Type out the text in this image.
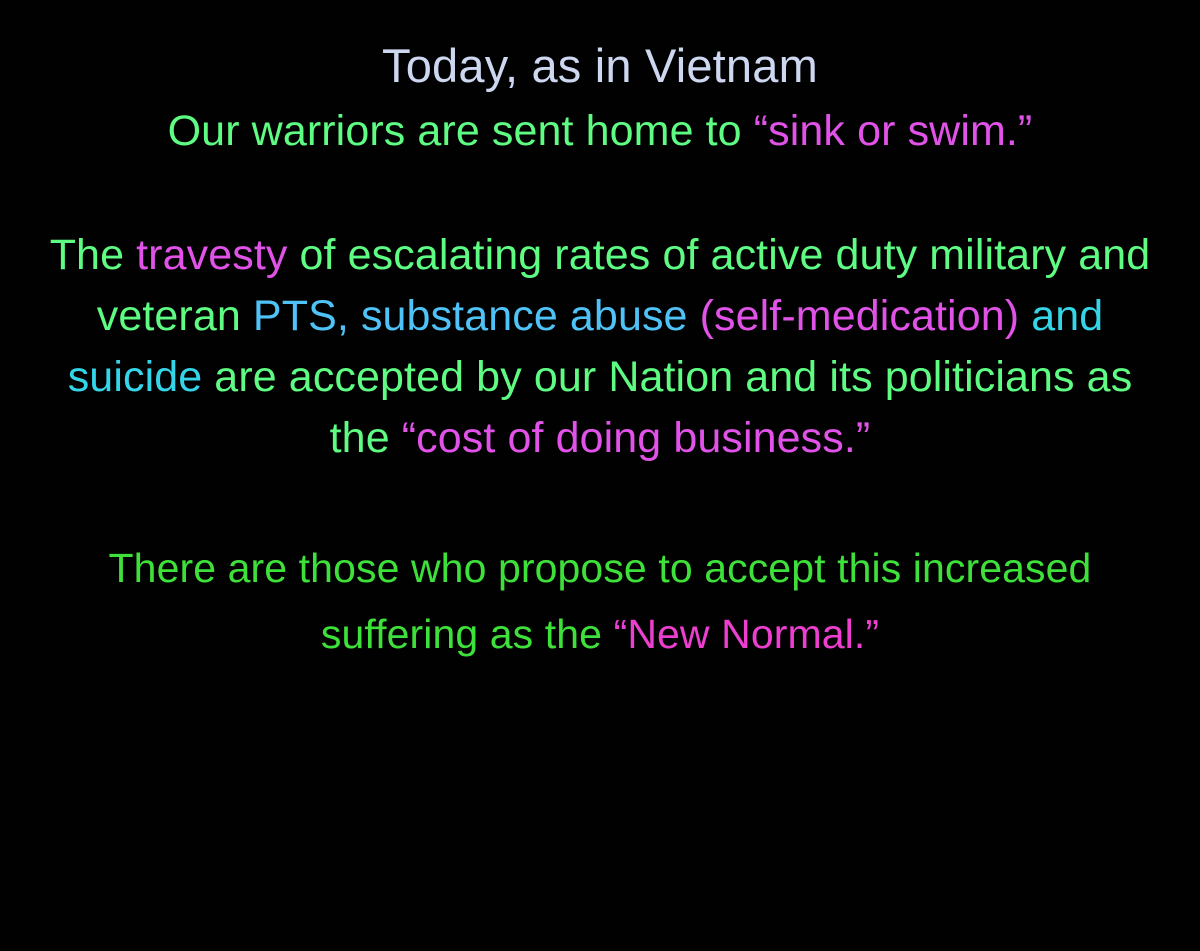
Today, as in Vietnam

Our warriors are sent home to “sink or swim.”

The travesty of escalating rates of active duty military and veteran PTS, substance abuse (self-medication) and suicide are accepted by our Nation and its politicians as the “cost of doing business.”

There are those who propose to accept this increased suffering as the “New Normal.”
